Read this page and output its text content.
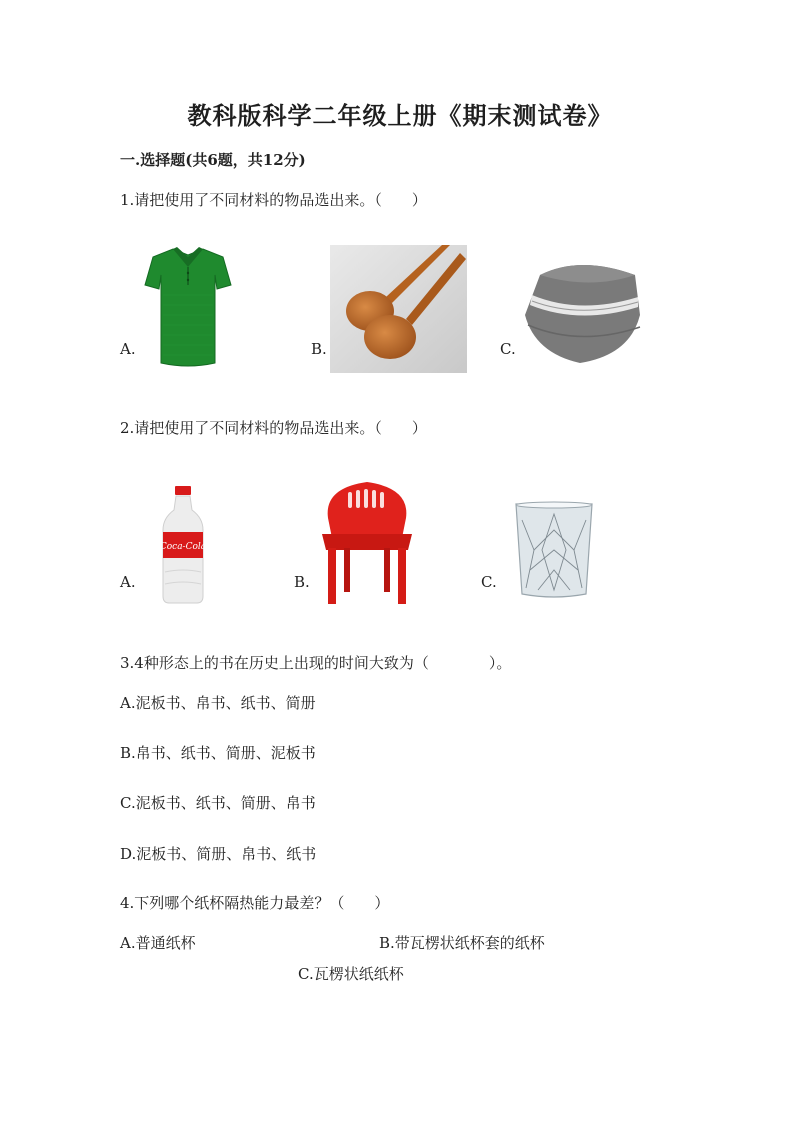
教科版科学二年级上册《期末测试卷》
一.选择题(共6题，共12分)
1.请把使用了不同材料的物品选出来。（　　）
A.	B.	C.
2.请把使用了不同材料的物品选出来。（　　）
A.	B.	C.
Coca-Cola
3.4种形态上的书在历史上出现的时间大致为（　　　　）。
A.泥板书、帛书、纸书、简册
B.帛书、纸书、简册、泥板书
C.泥板书、纸书、简册、帛书
D.泥板书、简册、帛书、纸书
4.下列哪个纸杯隔热能力最差？（　　）
A.普通纸杯	B.带瓦楞状纸杯套的纸杯
C.瓦楞状纸纸杯
